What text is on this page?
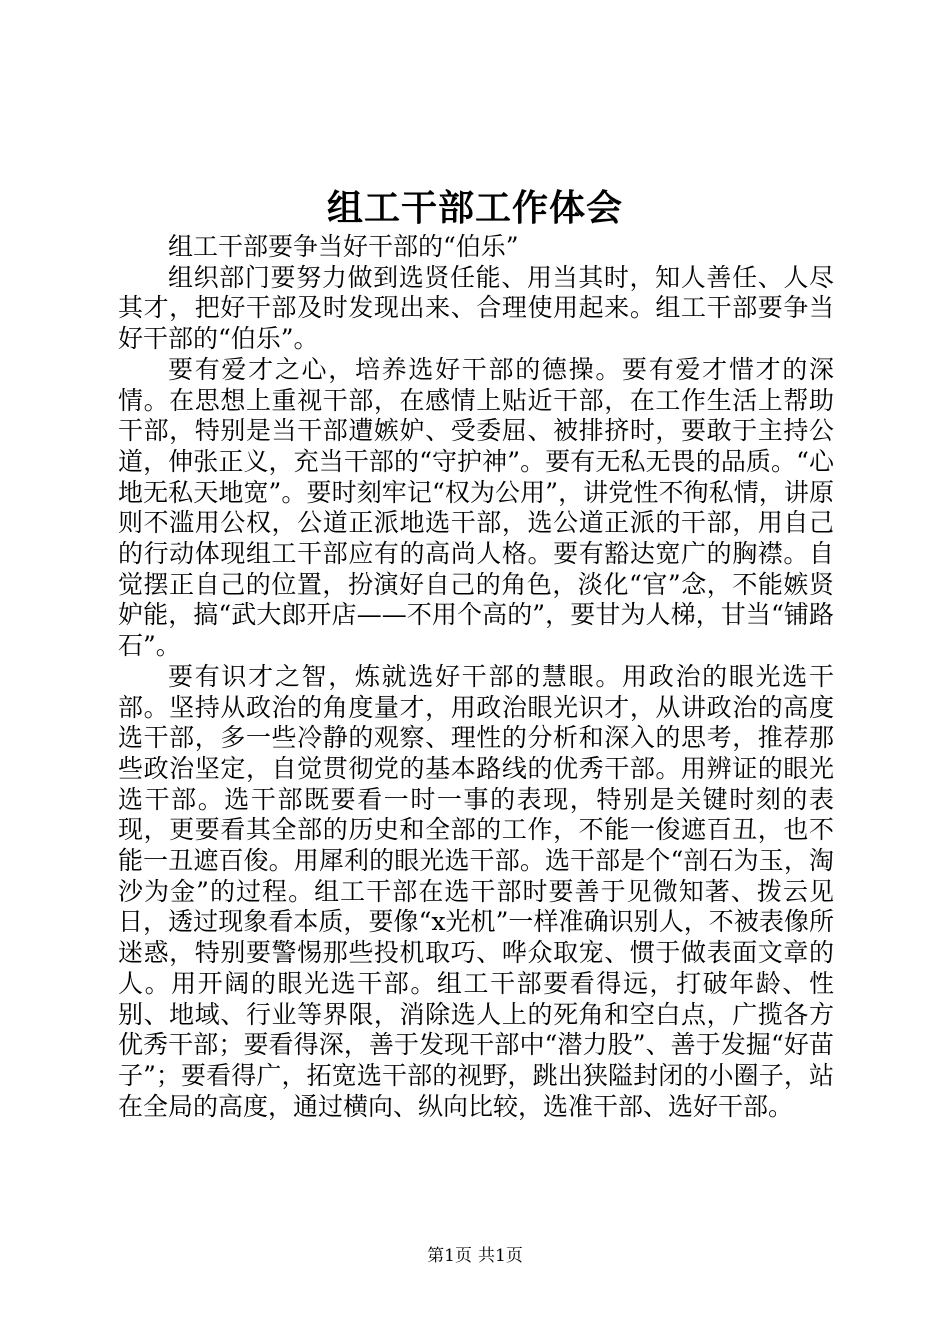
组工干部工作体会

组工干部要争当好干部的“伯乐”

组织部门要努力做到选贤任能、用当其时，知人善任、人尽其才，把好干部及时发现出来、合理使用起来。组工干部要争当好干部的“伯乐”。

要有爱才之心，培养选好干部的德操。要有爱才惜才的深情。在思想上重视干部，在感情上贴近干部，在工作生活上帮助干部，特别是当干部遭嫉妒、受委屈、被排挤时，要敢于主持公道，伸张正义，充当干部的“守护神”。要有无私无畏的品质。“心地无私天地宽”。要时刻牢记“权为公用”，讲党性不徇私情，讲原则不滥用公权，公道正派地选干部，选公道正派的干部，用自己的行动体现组工干部应有的高尚人格。要有豁达宽广的胸襟。自觉摆正自己的位置，扮演好自己的角色，淡化“官”念，不能嫉贤妒能，搞“武大郎开店——不用个高的”，要甘为人梯，甘当“铺路石”。

要有识才之智，炼就选好干部的慧眼。用政治的眼光选干部。坚持从政治的角度量才，用政治眼光识才，从讲政治的高度选干部，多一些冷静的观察、理性的分析和深入的思考，推荐那些政治坚定，自觉贯彻党的基本路线的优秀干部。用辨证的眼光选干部。选干部既要看一时一事的表现，特别是关键时刻的表现，更要看其全部的历史和全部的工作，不能一俊遮百丑，也不能一丑遮百俊。用犀利的眼光选干部。选干部是个“剖石为玉，淘沙为金”的过程。组工干部在选干部时要善于见微知著、拨云见日，透过现象看本质，要像“x光机”一样准确识别人，不被表像所迷惑，特别要警惕那些投机取巧、哗众取宠、惯于做表面文章的人。用开阔的眼光选干部。组工干部要看得远，打破年龄、性别、地域、行业等界限，消除选人上的死角和空白点，广揽各方优秀干部；要看得深，善于发现干部中“潜力股”、善于发掘“好苗子”；要看得广，拓宽选干部的视野，跳出狭隘封闭的小圈子，站在全局的高度，通过横向、纵向比较，选准干部、选好干部。

第1页 共1页
